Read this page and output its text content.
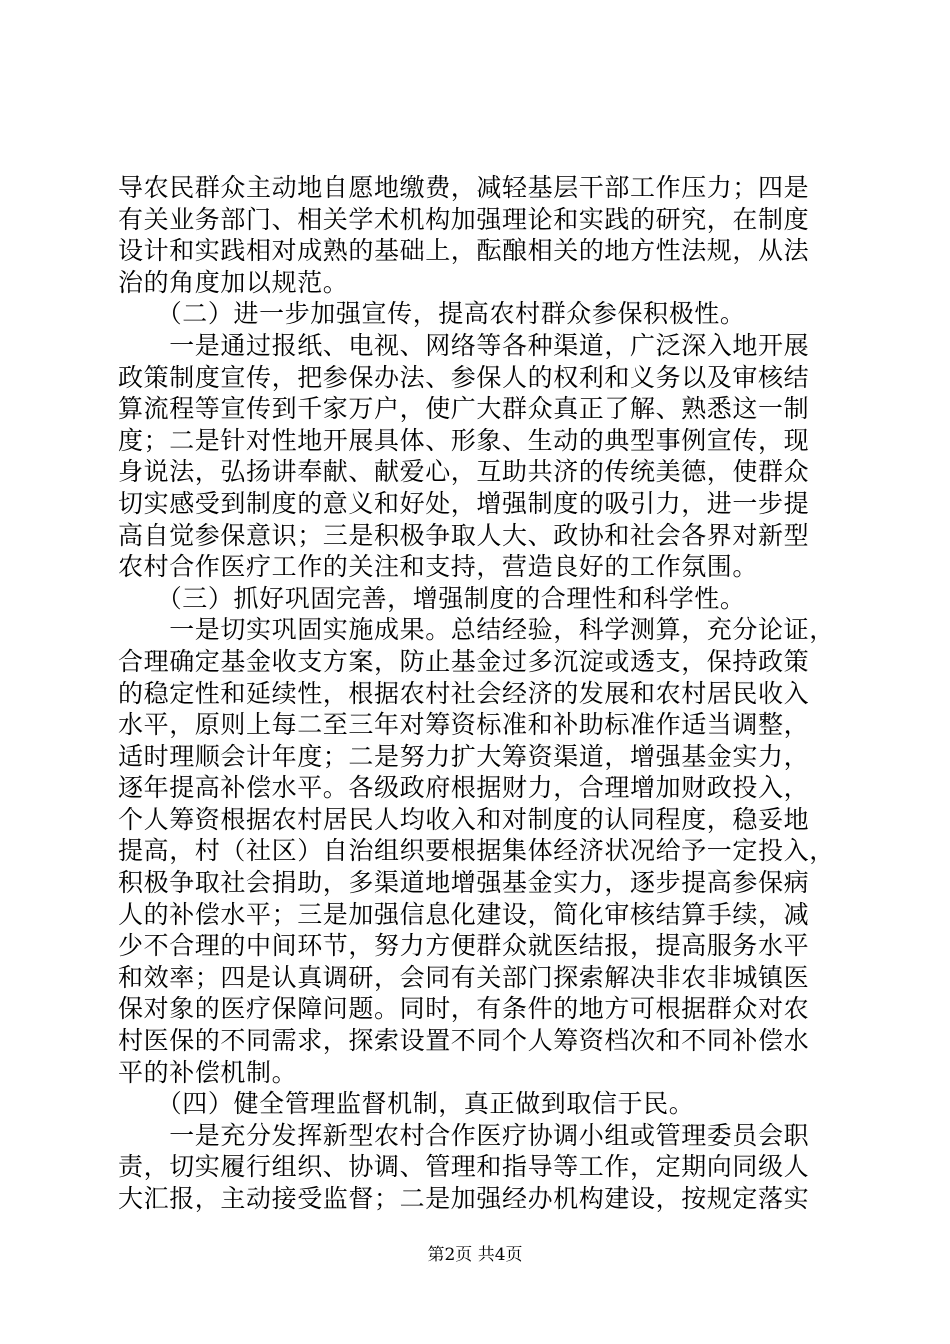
导农民群众主动地自愿地缴费，减轻基层干部工作压力；四是
有关业务部门、相关学术机构加强理论和实践的研究，在制度
设计和实践相对成熟的基础上，酝酿相关的地方性法规，从法
治的角度加以规范。
　　（二）进一步加强宣传，提高农村群众参保积极性。
　　一是通过报纸、电视、网络等各种渠道，广泛深入地开展
政策制度宣传，把参保办法、参保人的权利和义务以及审核结
算流程等宣传到千家万户，使广大群众真正了解、熟悉这一制
度；二是针对性地开展具体、形象、生动的典型事例宣传，现
身说法，弘扬讲奉献、献爱心，互助共济的传统美德，使群众
切实感受到制度的意义和好处，增强制度的吸引力，进一步提
高自觉参保意识；三是积极争取人大、政协和社会各界对新型
农村合作医疗工作的关注和支持，营造良好的工作氛围。
　　（三）抓好巩固完善，增强制度的合理性和科学性。
　　一是切实巩固实施成果。总结经验，科学测算，充分论证，
合理确定基金收支方案，防止基金过多沉淀或透支，保持政策
的稳定性和延续性，根据农村社会经济的发展和农村居民收入
水平，原则上每二至三年对筹资标准和补助标准作适当调整，
适时理顺会计年度；二是努力扩大筹资渠道，增强基金实力，
逐年提高补偿水平。各级政府根据财力，合理增加财政投入，
个人筹资根据农村居民人均收入和对制度的认同程度，稳妥地
提高，村（社区）自治组织要根据集体经济状况给予一定投入，
积极争取社会捐助，多渠道地增强基金实力，逐步提高参保病
人的补偿水平；三是加强信息化建设，简化审核结算手续，减
少不合理的中间环节，努力方便群众就医结报，提高服务水平
和效率；四是认真调研，会同有关部门探索解决非农非城镇医
保对象的医疗保障问题。同时，有条件的地方可根据群众对农
村医保的不同需求，探索设置不同个人筹资档次和不同补偿水
平的补偿机制。
　　（四）健全管理监督机制，真正做到取信于民。
　　一是充分发挥新型农村合作医疗协调小组或管理委员会职
责，切实履行组织、协调、管理和指导等工作，定期向同级人
大汇报，主动接受监督；二是加强经办机构建设，按规定落实
第2页 共4页
